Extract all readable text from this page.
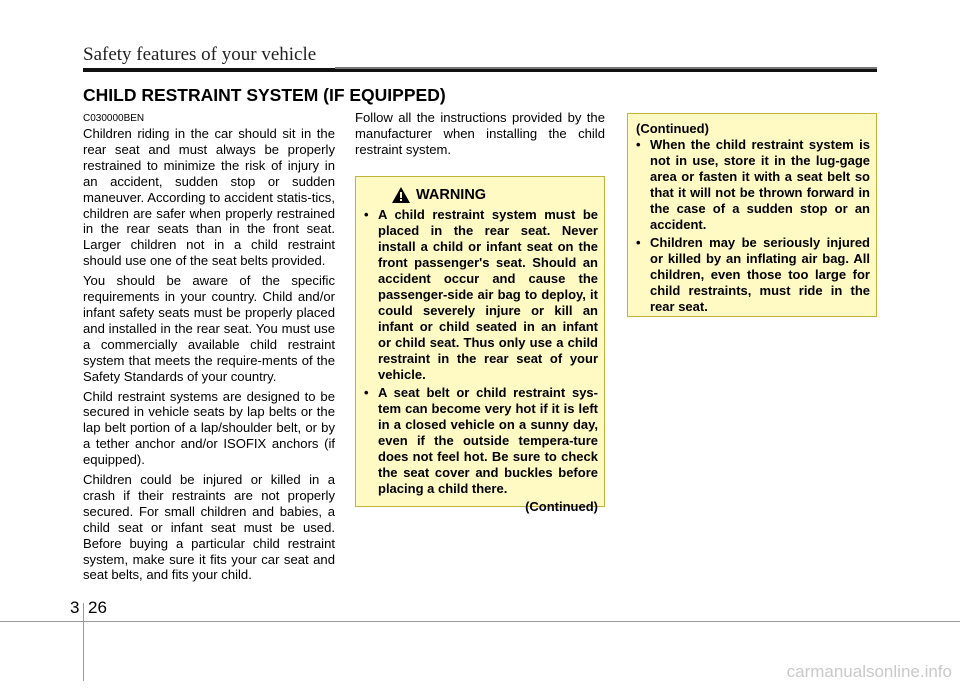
Safety features of your vehicle
CHILD RESTRAINT SYSTEM (IF EQUIPPED)
C030000BEN

Children riding in the car should sit in the rear seat and must always be properly restrained to minimize the risk of injury in an accident, sudden stop or sudden maneuver. According to accident statis-tics, children are safer when properly restrained in the rear seats than in the front seat. Larger children not in a child restraint should use one of the seat belts provided.

You should be aware of the specific requirements in your country. Child and/or infant safety seats must be properly placed and installed in the rear seat. You must use a commercially available child restraint system that meets the require-ments of the Safety Standards of your country.

Child restraint systems are designed to be secured in vehicle seats by lap belts or the lap belt portion of a lap/shoulder belt, or by a tether anchor and/or ISOFIX anchors (if equipped).

Children could be injured or killed in a crash if their restraints are not properly secured. For small children and babies, a child seat or infant seat must be used. Before buying a particular child restraint system, make sure it fits your car seat and seat belts, and fits your child.

Follow all the instructions provided by the manufacturer when installing the child restraint system.

WARNING
• A child restraint system must be placed in the rear seat. Never install a child or infant seat on the front passenger's seat. Should an accident occur and cause the passenger-side air bag to deploy, it could severely injure or kill an infant or child seated in an infant or child seat. Thus only use a child restraint in the rear seat of your vehicle.
• A seat belt or child restraint sys-tem can become very hot if it is left in a closed vehicle on a sunny day, even if the outside tempera-ture does not feel hot. Be sure to check the seat cover and buckles before placing a child there.
(Continued)
(Continued)
• When the child restraint system is not in use, store it in the lug-gage area or fasten it with a seat belt so that it will not be thrown forward in the case of a sudden stop or an accident.
• Children may be seriously injured or killed by an inflating air bag. All children, even those too large for child restraints, must ride in the rear seat.
3 26
carmanualsonline.info
